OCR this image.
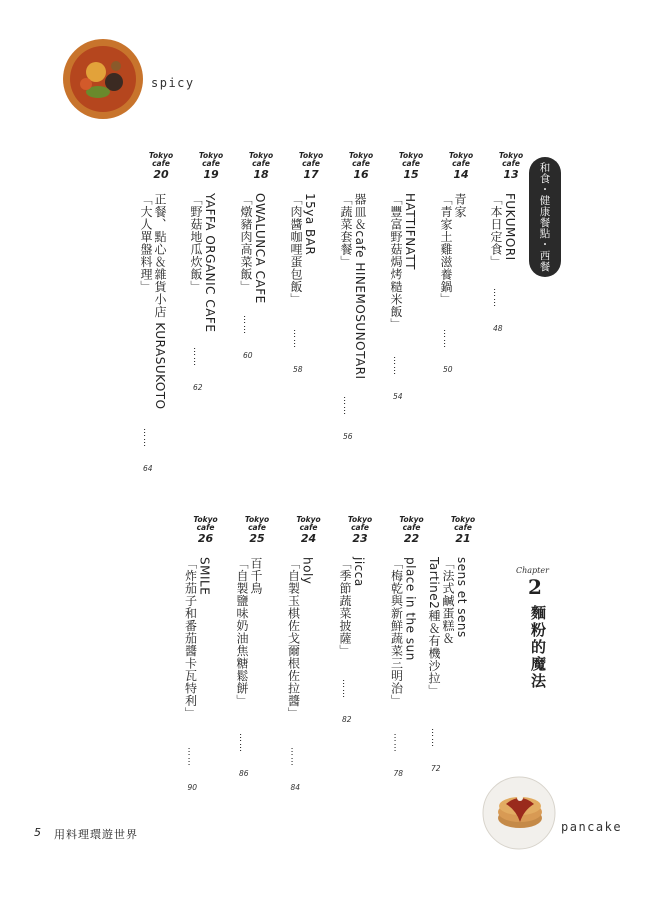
spicy
和食・健康餐點・西餐
Chapter
2
麵粉的魔法
pancake
5 用料理環遊世界
Tokyo
cafe
13
FUKUMORI
「本日定食」
……
48
Tokyo
cafe
14
青家
「青家土雞滋養鍋」
……
50
Tokyo
cafe
15
HATTIFNATT
「豐富野菇焗烤糙米飯」
……
54
Tokyo
cafe
16
器皿＆cafe HINEMOSUNOTARI
「蔬菜套餐」
……
56
Tokyo
cafe
17
15ya BAR
「肉醬咖哩蛋包飯」
……
58
Tokyo
cafe
18
OWALUNCA CAFE
「燉豬肉高菜飯」
……
60
Tokyo
cafe
19
YAFFA ORGANIC CAFE
「野菇地瓜炊飯」
……
62
Tokyo
cafe
20
正餐、點心＆雜貨小店 KURASUKOTO
「大人單盤料理」
……
64
Tokyo
cafe
21
sens et sens
「法式鹹蛋糕＆
Tartine2種＆有機沙拉」
……
72
Tokyo
cafe
22
place in the sun
「梅乾與新鮮蔬菜三明治」
……
78
Tokyo
cafe
23
jicca
「季節蔬菜披薩」
……
82
Tokyo
cafe
24
holy
「自製玉棋佐戈爾根佐拉醬」
……
84
Tokyo
cafe
25
百千鳥
「自製鹽味奶油焦糖鬆餅」
……
86
Tokyo
cafe
26
SMILE
「炸茄子和番茄醬卡瓦特利」
……
90
